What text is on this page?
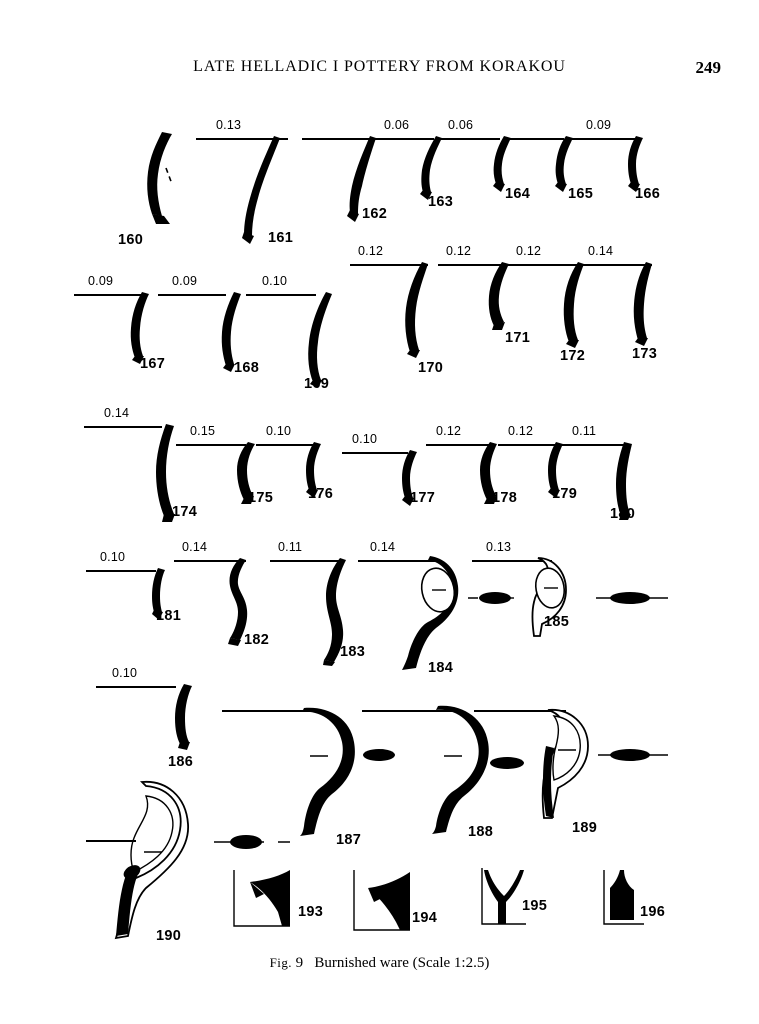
LATE HELLADIC I POTTERY FROM KORAKOU	249
160
0.13
161
162
0.06
163
0.06
164	165
0.09
166
0.09
167
0.09
168
0.10
169
0.12
170
0.12
171
0.12
172
0.14
173
0.14
174
0.15
175
0.10
176
0.10
177
0.12
178
0.12
179
0.11
180
0.10
181
0.14
182
0.11
183
0.14
184
0.13
185
0.10
186
187	188	189
190
193	194
195	196
Fig. 9 Burnished ware (Scale 1:2.5)
